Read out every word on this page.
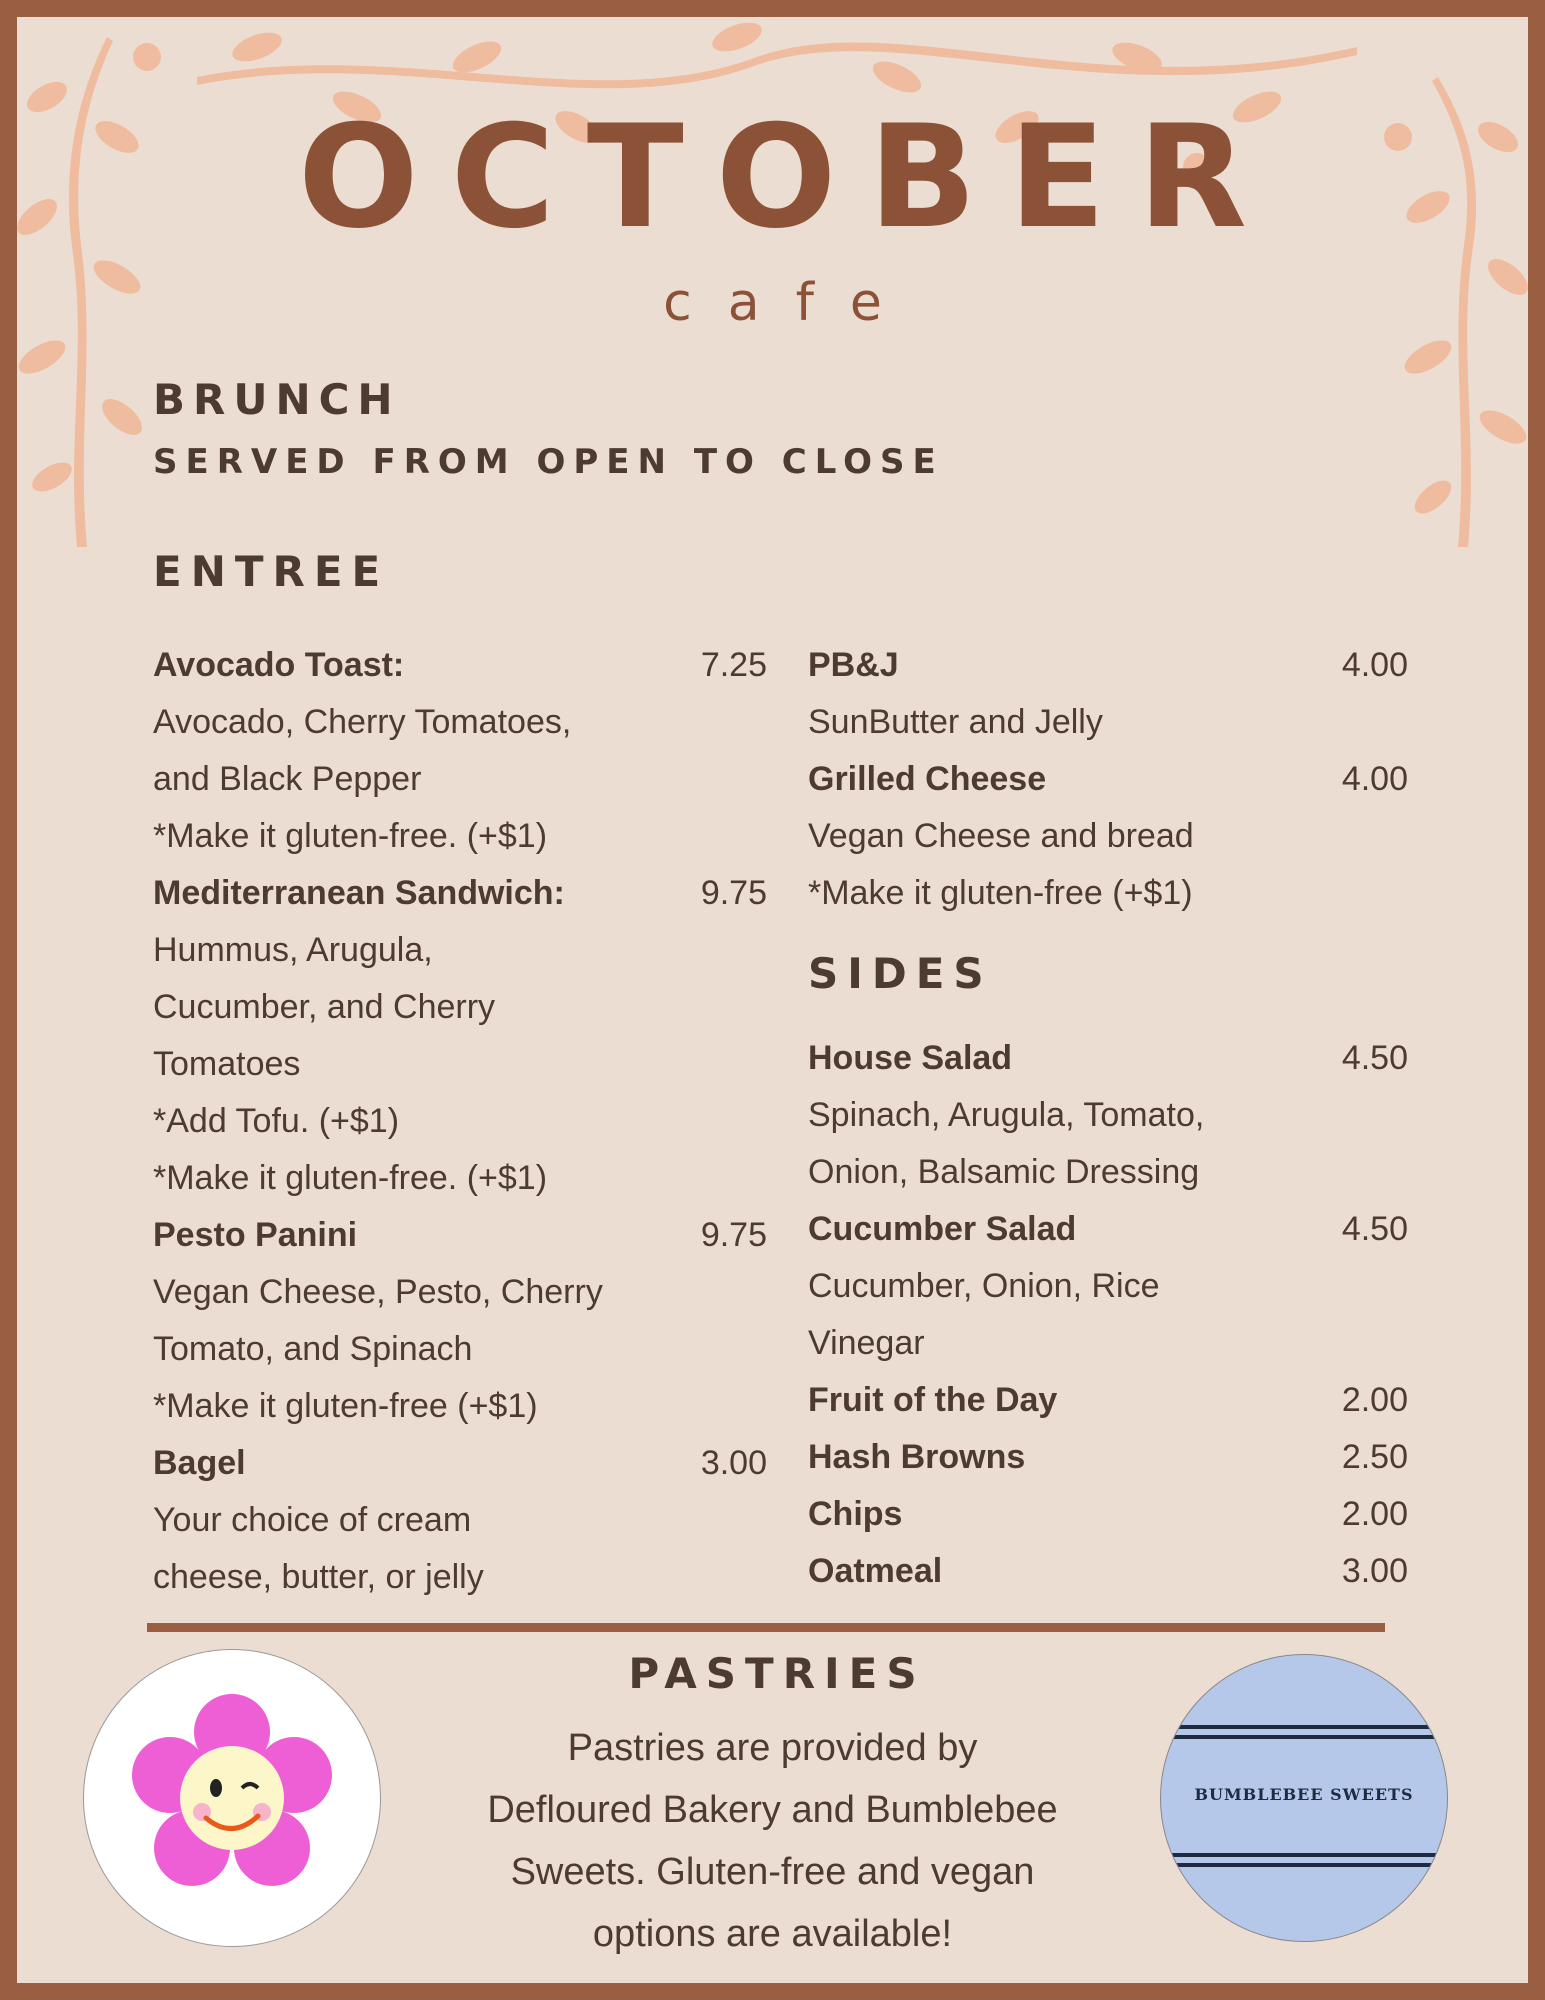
OCTOBER
cafe
BRUNCH
SERVED FROM OPEN TO CLOSE
ENTREE
Avocado Toast:	7.25
Avocado, Cherry Tomatoes,
and Black Pepper
*Make it gluten-free. (+$1)
Mediterranean Sandwich:	9.75
Hummus, Arugula,
Cucumber, and Cherry
Tomatoes
*Add Tofu. (+$1)
*Make it gluten-free. (+$1)
Pesto Panini	9.75
Vegan Cheese, Pesto, Cherry
Tomato, and Spinach
*Make it gluten-free (+$1)
Bagel	3.00
Your choice of cream
cheese, butter, or jelly
PB&J	4.00
SunButter and Jelly
Grilled Cheese	4.00
Vegan Cheese and bread
*Make it gluten-free (+$1)
SIDES
House Salad	4.50
Spinach, Arugula, Tomato,
Onion, Balsamic Dressing
Cucumber Salad	4.50
Cucumber, Onion, Rice
Vinegar
Fruit of the Day	2.00
Hash Browns	2.50
Chips	2.00
Oatmeal	3.00
PASTRIES
Pastries are provided by
Defloured Bakery and Bumblebee
Sweets. Gluten-free and vegan
options are available!
BUMBLEBEE SWEETS
